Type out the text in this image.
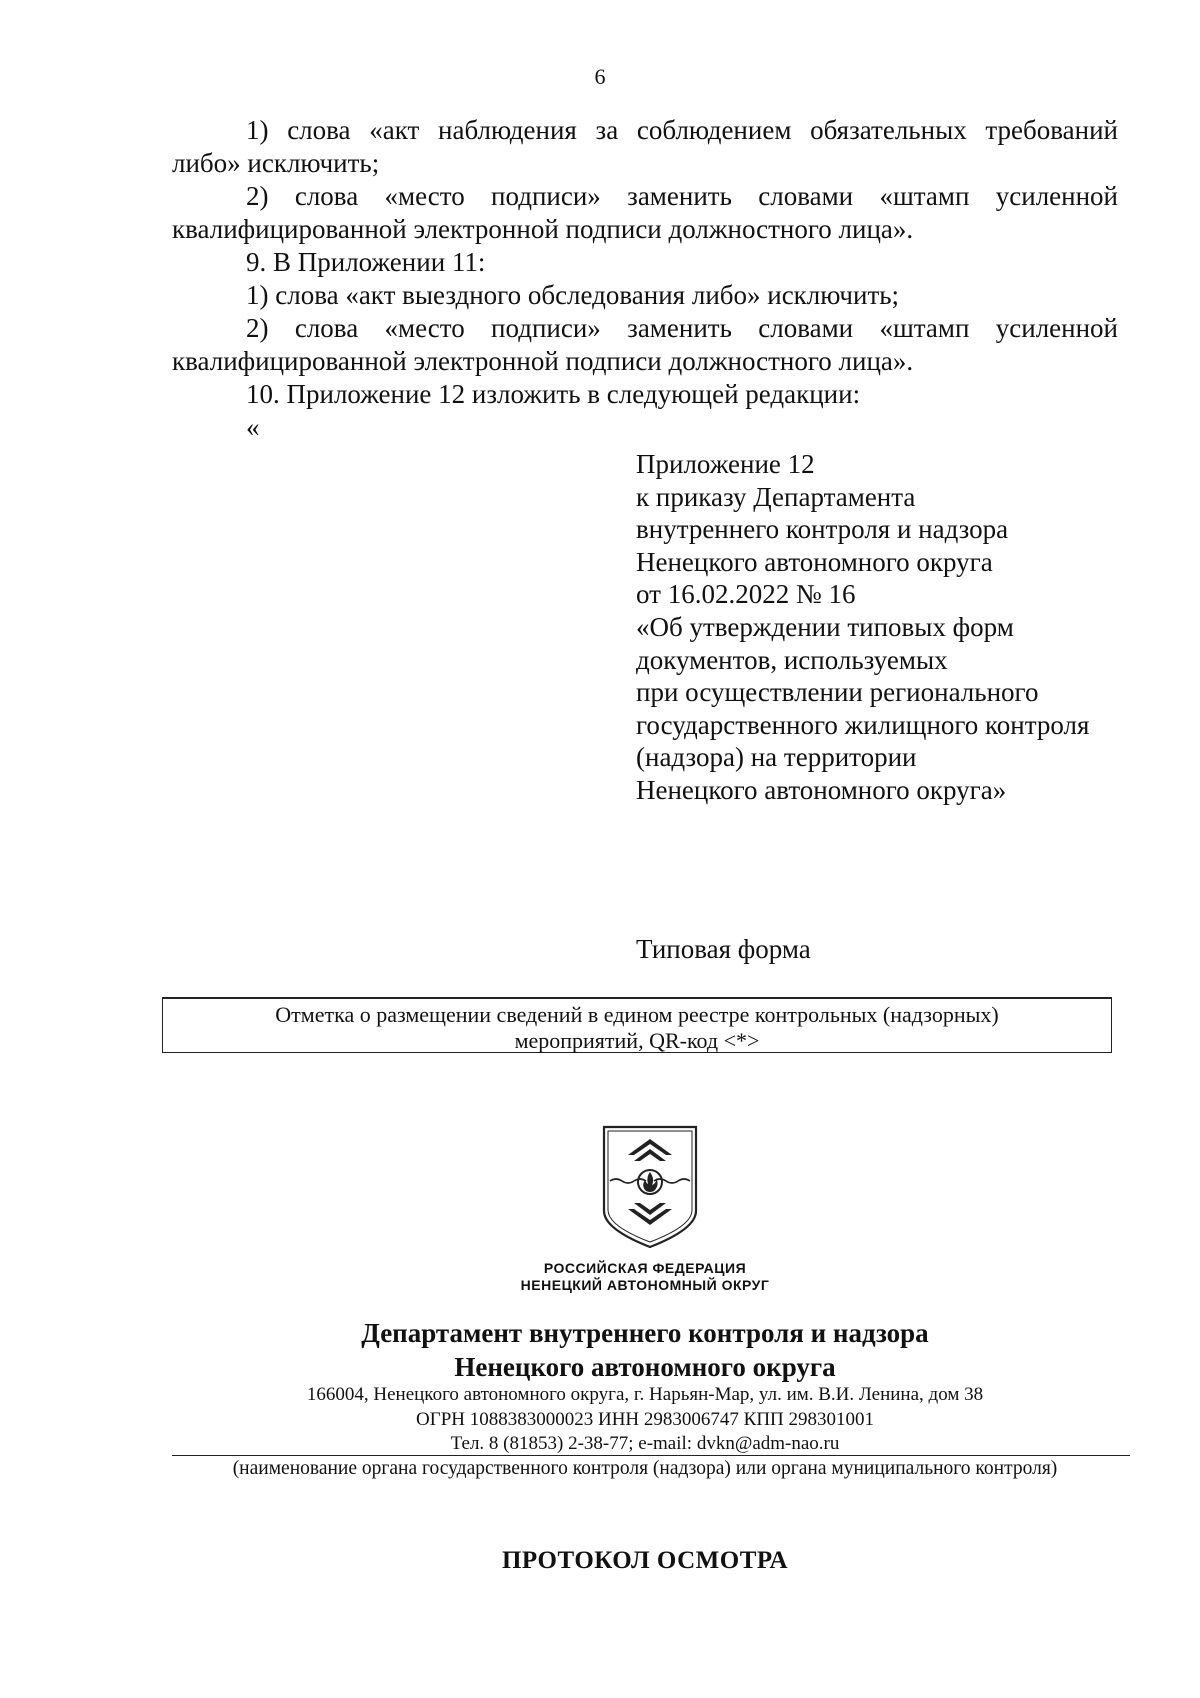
6
1) слова «акт наблюдения за соблюдением обязательных требований
либо» исключить;
2) слова «место подписи» заменить словами «штамп усиленной
квалифицированной электронной подписи должностного лица».
9. В Приложении 11:
1) слова «акт выездного обследования либо» исключить;
2) слова «место подписи» заменить словами «штамп усиленной
квалифицированной электронной подписи должностного лица».
10. Приложение 12 изложить в следующей редакции:
«
Приложение 12
к приказу Департамента
внутреннего контроля и надзора
Ненецкого автономного округа
от 16.02.2022 № 16
«Об утверждении типовых форм
документов, используемых
при осуществлении регионального
государственного жилищного контроля
(надзора) на территории
Ненецкого автономного округа»
Типовая форма
Отметка о размещении сведений в едином реестре контрольных (надзорных)
мероприятий, QR-код <*>
РОССИЙСКАЯ ФЕДЕРАЦИЯ
НЕНЕЦКИЙ АВТОНОМНЫЙ ОКРУГ
Департамент внутреннего контроля и надзора
Ненецкого автономного округа
166004, Ненецкого автономного округа, г. Нарьян-Мар, ул. им. В.И. Ленина, дом 38
ОГРН 1088383000023 ИНН 2983006747 КПП 298301001
Тел. 8 (81853) 2-38-77; e-mail: dvkn@adm-nao.ru
(наименование органа государственного контроля (надзора) или органа муниципального контроля)
ПРОТОКОЛ ОСМОТРА
